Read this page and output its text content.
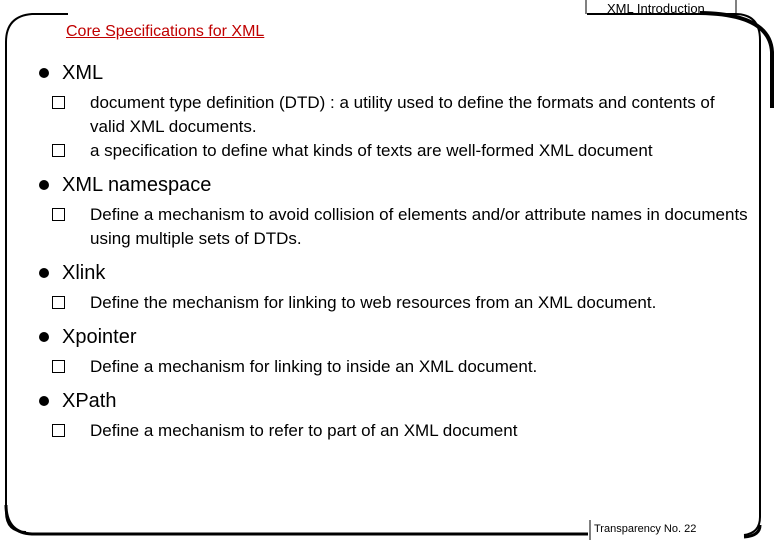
XML Introduction
Core Specifications for XML
XML
document type definition (DTD) : a utility used to define the formats and contents of valid XML documents.
a specification to define what kinds of texts are well-formed XML document
XML namespace
Define a mechanism to avoid collision of elements and/or attribute names in documents using multiple sets of DTDs.
Xlink
Define the mechanism for linking to web resources from an XML document.
Xpointer
Define a mechanism for linking to inside an XML document.
XPath
Define a mechanism to refer to part of an XML document
Transparency No. 22
